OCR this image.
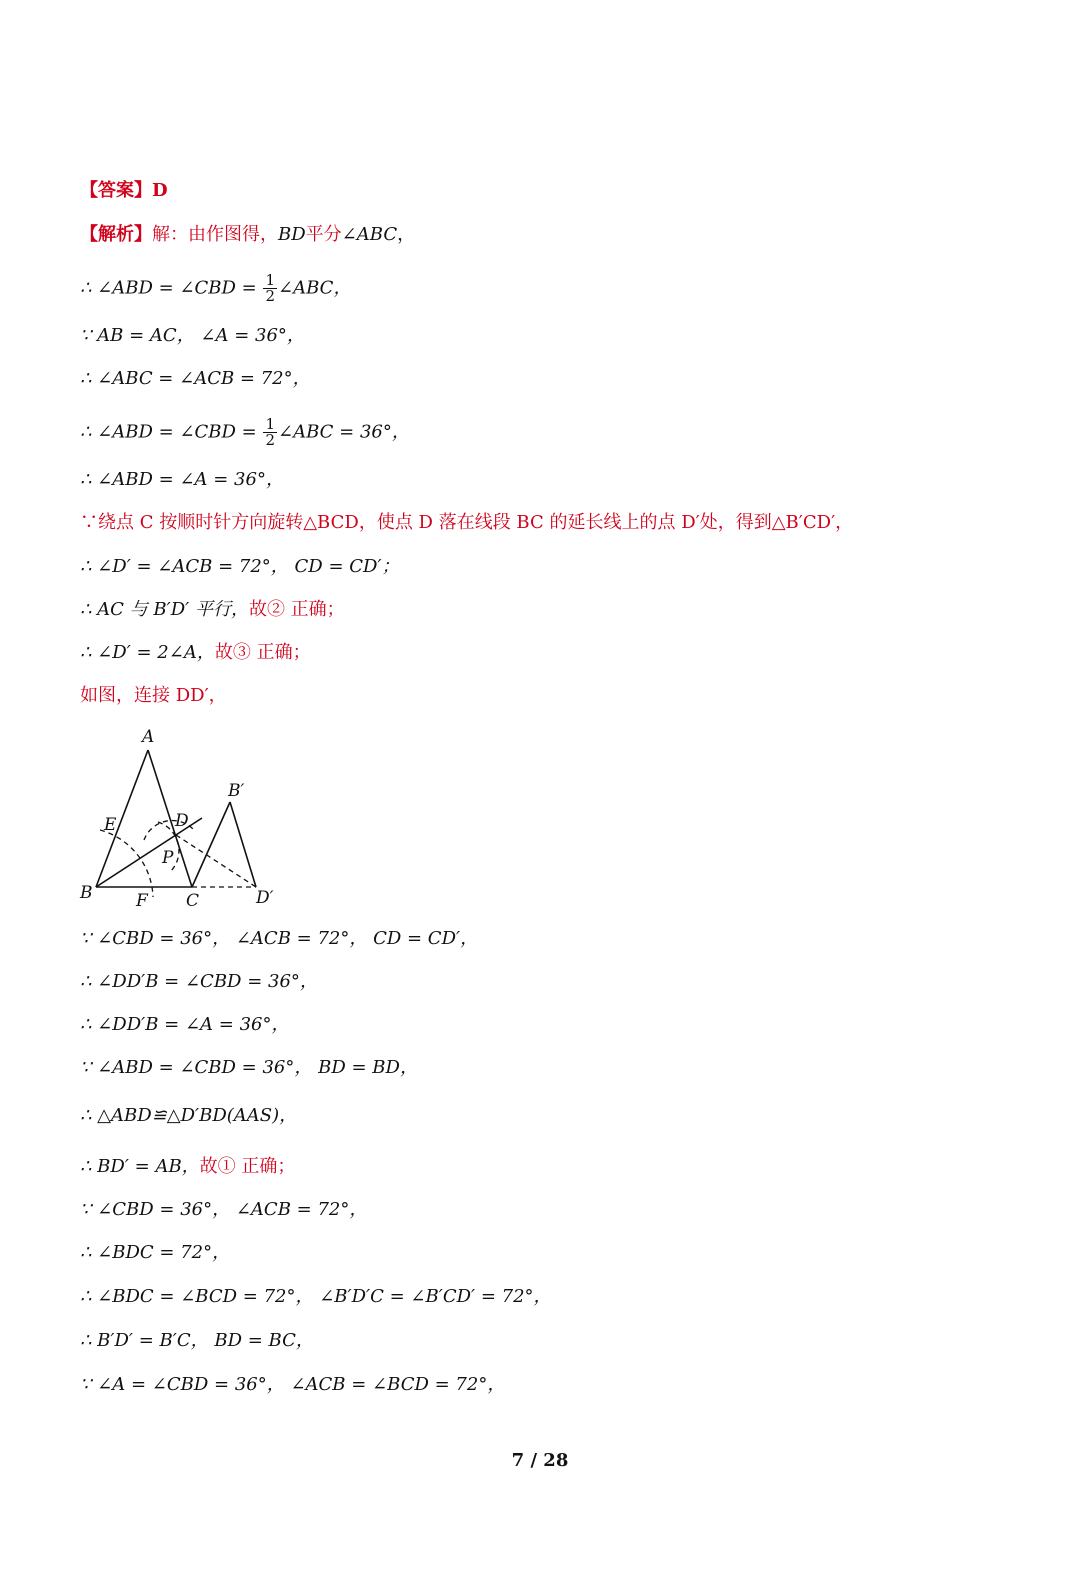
【答案】D
【解析】解：由作图得，BD平分∠ABC，
∴ ∠ABD = ∠CBD = $\frac{1}{2}$ ∠ABC，
∵ AB = AC， ∠A = 36°，
∴ ∠ABC = ∠ACB = 72°，
∴ ∠ABD = ∠CBD = $\frac{1}{2}$ ∠ABC = 36°，
∴ ∠ABD = ∠A = 36°，
∵绕点 C 按顺时针方向旋转△BCD，使点 D 落在线段 BC 的延长线上的点 D′处，得到△B′CD′，
∴ ∠D′ = ∠ACB = 72°， CD = CD′；
∴ AC 与 B′D′ 平行，故② 正确；
∴ ∠D′ = 2∠A，故③ 正确；
如图，连接 DD′，
A
B	C
D
E
F
P
B′
D′
∵ ∠CBD = 36°， ∠ACB = 72°， CD = CD′，
∴ ∠DD′B = ∠CBD = 36°，
∴ ∠DD′B = ∠A = 36°，
∵ ∠ABD = ∠CBD = 36°， BD = BD，
∴ △ABD≌△D′BD(AAS)，
∴ BD′ = AB，故① 正确；
∵ ∠CBD = 36°， ∠ACB = 72°，
∴ ∠BDC = 72°，
∴ ∠BDC = ∠BCD = 72°， ∠B′D′C = ∠B′CD′ = 72°，
∴ B′D′ = B′C， BD = BC，
∵ ∠A = ∠CBD = 36°， ∠ACB = ∠BCD = 72°，
7 / 28
